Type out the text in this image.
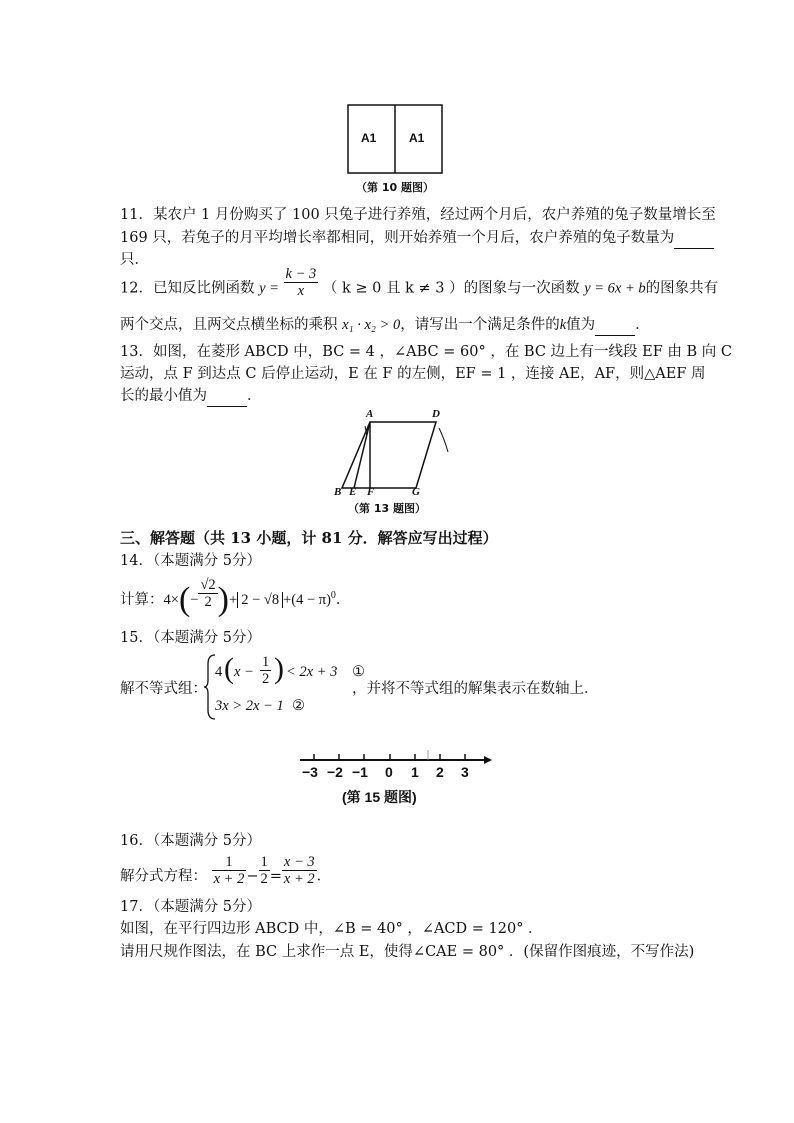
A1	A1
（第 10 题图）
11．某农户 1 月份购买了 100 只兔子进行养殖，经过两个月后，农户养殖的兔子数量增长至
169 只，若兔子的月平均增长率都相同，则开始养殖一个月后，农户养殖的兔子数量为
只．
12．已知反比例函数 $y = \frac{k - 3}{x}$ （ k ≥ 0 且 k ≠ 3 ）的图象与一次函数 y = 6x + b的图象共有
两个交点，且两交点横坐标的乘积 x₁ · x₂ > 0，请写出一个满足条件的k值为	．
13．如图，在菱形 ABCD 中，BC = 4 ，∠ABC = 60° ，在 BC 边上有一线段 EF 由 B 向 C
运动，点 F 到达点 C 后停止运动，E 在 F 的左侧，EF = 1 ，连接 AE，AF，则△AEF 周
长的最小值为	．
A	D
B E F	G
（第 13 题图）
三、解答题（共 13 小题，计 81 分．解答应写出过程）
14．（本题满分 5分）
计算：$4\times(- \frac{√2}{2}$ )+ $2 - √8 +(4 - \pi)^0$．
15．（本题满分 5分）
解不等式组：
4 ( $x - \frac{1}{2}$ ) < 2x + 3 ①
3x > 2x − 1 ②
，并将不等式组的解集表示在数轴上．
−3 −2 −1 0 1 2 3
(第 15 题图)
16．（本题满分 5分）
解分式方程： $\frac{1}{x + 2} - \frac{1}{2} = \frac{x - 3}{x + 2}$ ．
17．（本题满分 5分）
如图，在平行四边形 ABCD 中，∠B = 40° ，∠ACD = 120° ．
请用尺规作图法，在 BC 上求作一点 E，使得∠CAE = 80° ．(保留作图痕迹，不写作法)
